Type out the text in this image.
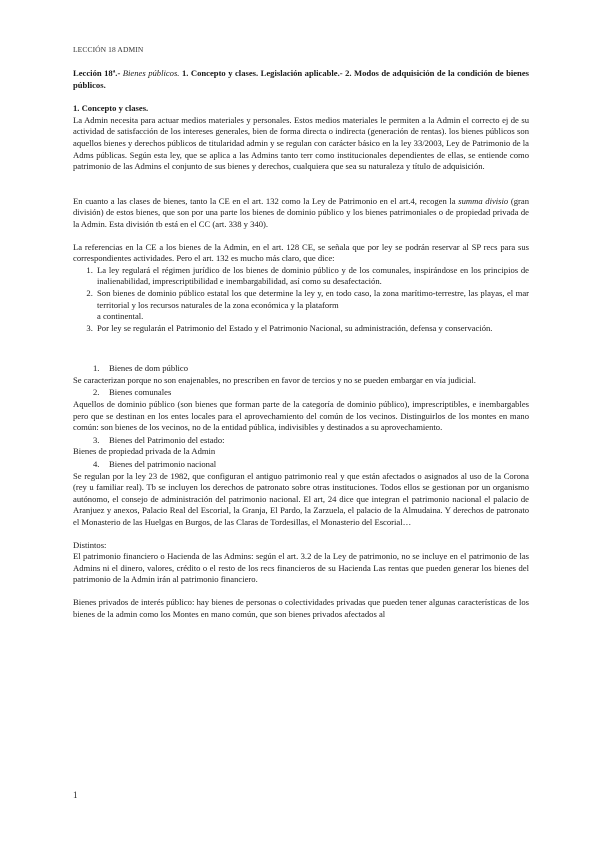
LECCIÓN 18 ADMIN

Lección 18ª.- Bienes públicos. 1. Concepto y clases. Legislación aplicable.- 2. Modos de adquisición de la condición de bienes públicos.

1. Concepto y clases.

La Admin necesita para actuar medios materiales y personales. Estos medios materiales le permiten a la Admin el correcto ej de su actividad de satisfacción de los intereses generales, bien de forma directa o indirecta (generación de rentas). los bienes públicos son aquellos bienes y derechos públicos de titularidad admin y se regulan con carácter básico en la ley 33/2003, Ley de Patrimonio de la Adms públicas. Según esta ley, que se aplica a las Admins tanto terr como institucionales dependientes de ellas, se entiende como patrimonio de las Admins el conjunto de sus bienes y derechos, cualquiera que sea su naturaleza y título de adquisición.

En cuanto a las clases de bienes, tanto la CE en el art. 132 como la Ley de Patrimonio en el art.4, recogen la summa divisio (gran división) de estos bienes, que son por una parte los bienes de dominio público y los bienes patrimoniales o de propiedad privada de la Admin. Esta división tb está en el CC (art. 338 y 340).

La referencias en la CE a los bienes de la Admin, en el art. 128 CE, se señala que por ley se podrán reservar al SP recs para sus correspondientes actividades. Pero el art. 132 es mucho más claro, que dice:

1. La ley regulará el régimen jurídico de los bienes de dominio público y de los comunales, inspirándose en los principios de inalienabilidad, imprescriptibilidad e inembargabilidad, así como su desafectación.
2. Son bienes de dominio público estatal los que determine la ley y, en todo caso, la zona marítimo-terrestre, las playas, el mar territorial y los recursos naturales de la zona económica y la plataform
a continental.
3. Por ley se regularán el Patrimonio del Estado y el Patrimonio Nacional, su administración, defensa y conservación.
1.	Bienes de dom público

Se caracterizan porque no son enajenables, no prescriben en favor de tercios y no se pueden embargar en vía judicial.

2.	Bienes comunales

Aquellos de dominio público (son bienes que forman parte de la categoría de dominio público), imprescriptibles, e inembargables pero que se destinan en los entes locales para el aprovechamiento del común de los vecinos. Distinguirlos de los montes en mano común: son bienes de los vecinos, no de la entidad pública, indivisibles y destinados a su aprovechamiento.

3.	Bienes del Patrimonio del estado:

Bienes de propiedad privada de la Admin

4.	Bienes del patrimonio nacional

Se regulan por la ley 23 de 1982, que configuran el antiguo patrimonio real y que están afectados o asignados al uso de la Corona (rey u familiar real). Tb se incluyen los derechos de patronato sobre otras instituciones. Todos ellos se gestionan por un organismo autónomo, el consejo de administración del patrimonio nacional. El art, 24 dice que integran el patrimonio nacional el palacio de Aranjuez y anexos, Palacio Real del Escorial, la Granja, El Pardo, la Zarzuela, el palacio de la Almudaina. Y derechos de patronato el Monasterio de las Huelgas en Burgos, de las Claras de Tordesillas, el Monasterio del Escorial…

Distintos:

El patrimonio financiero o Hacienda de las Admins: según el art. 3.2 de la Ley de patrimonio, no se incluye en el patrimonio de las Admins ni el dinero, valores, crédito o el resto de los recs financieros de su Hacienda Las rentas que pueden generar los bienes del patrimonio de la Admin irán al patrimonio financiero.

Bienes privados de interés público: hay bienes de personas o colectividades privadas que pueden tener algunas características de los bienes de la admin como los Montes en mano común, que son bienes privados afectados al

1
